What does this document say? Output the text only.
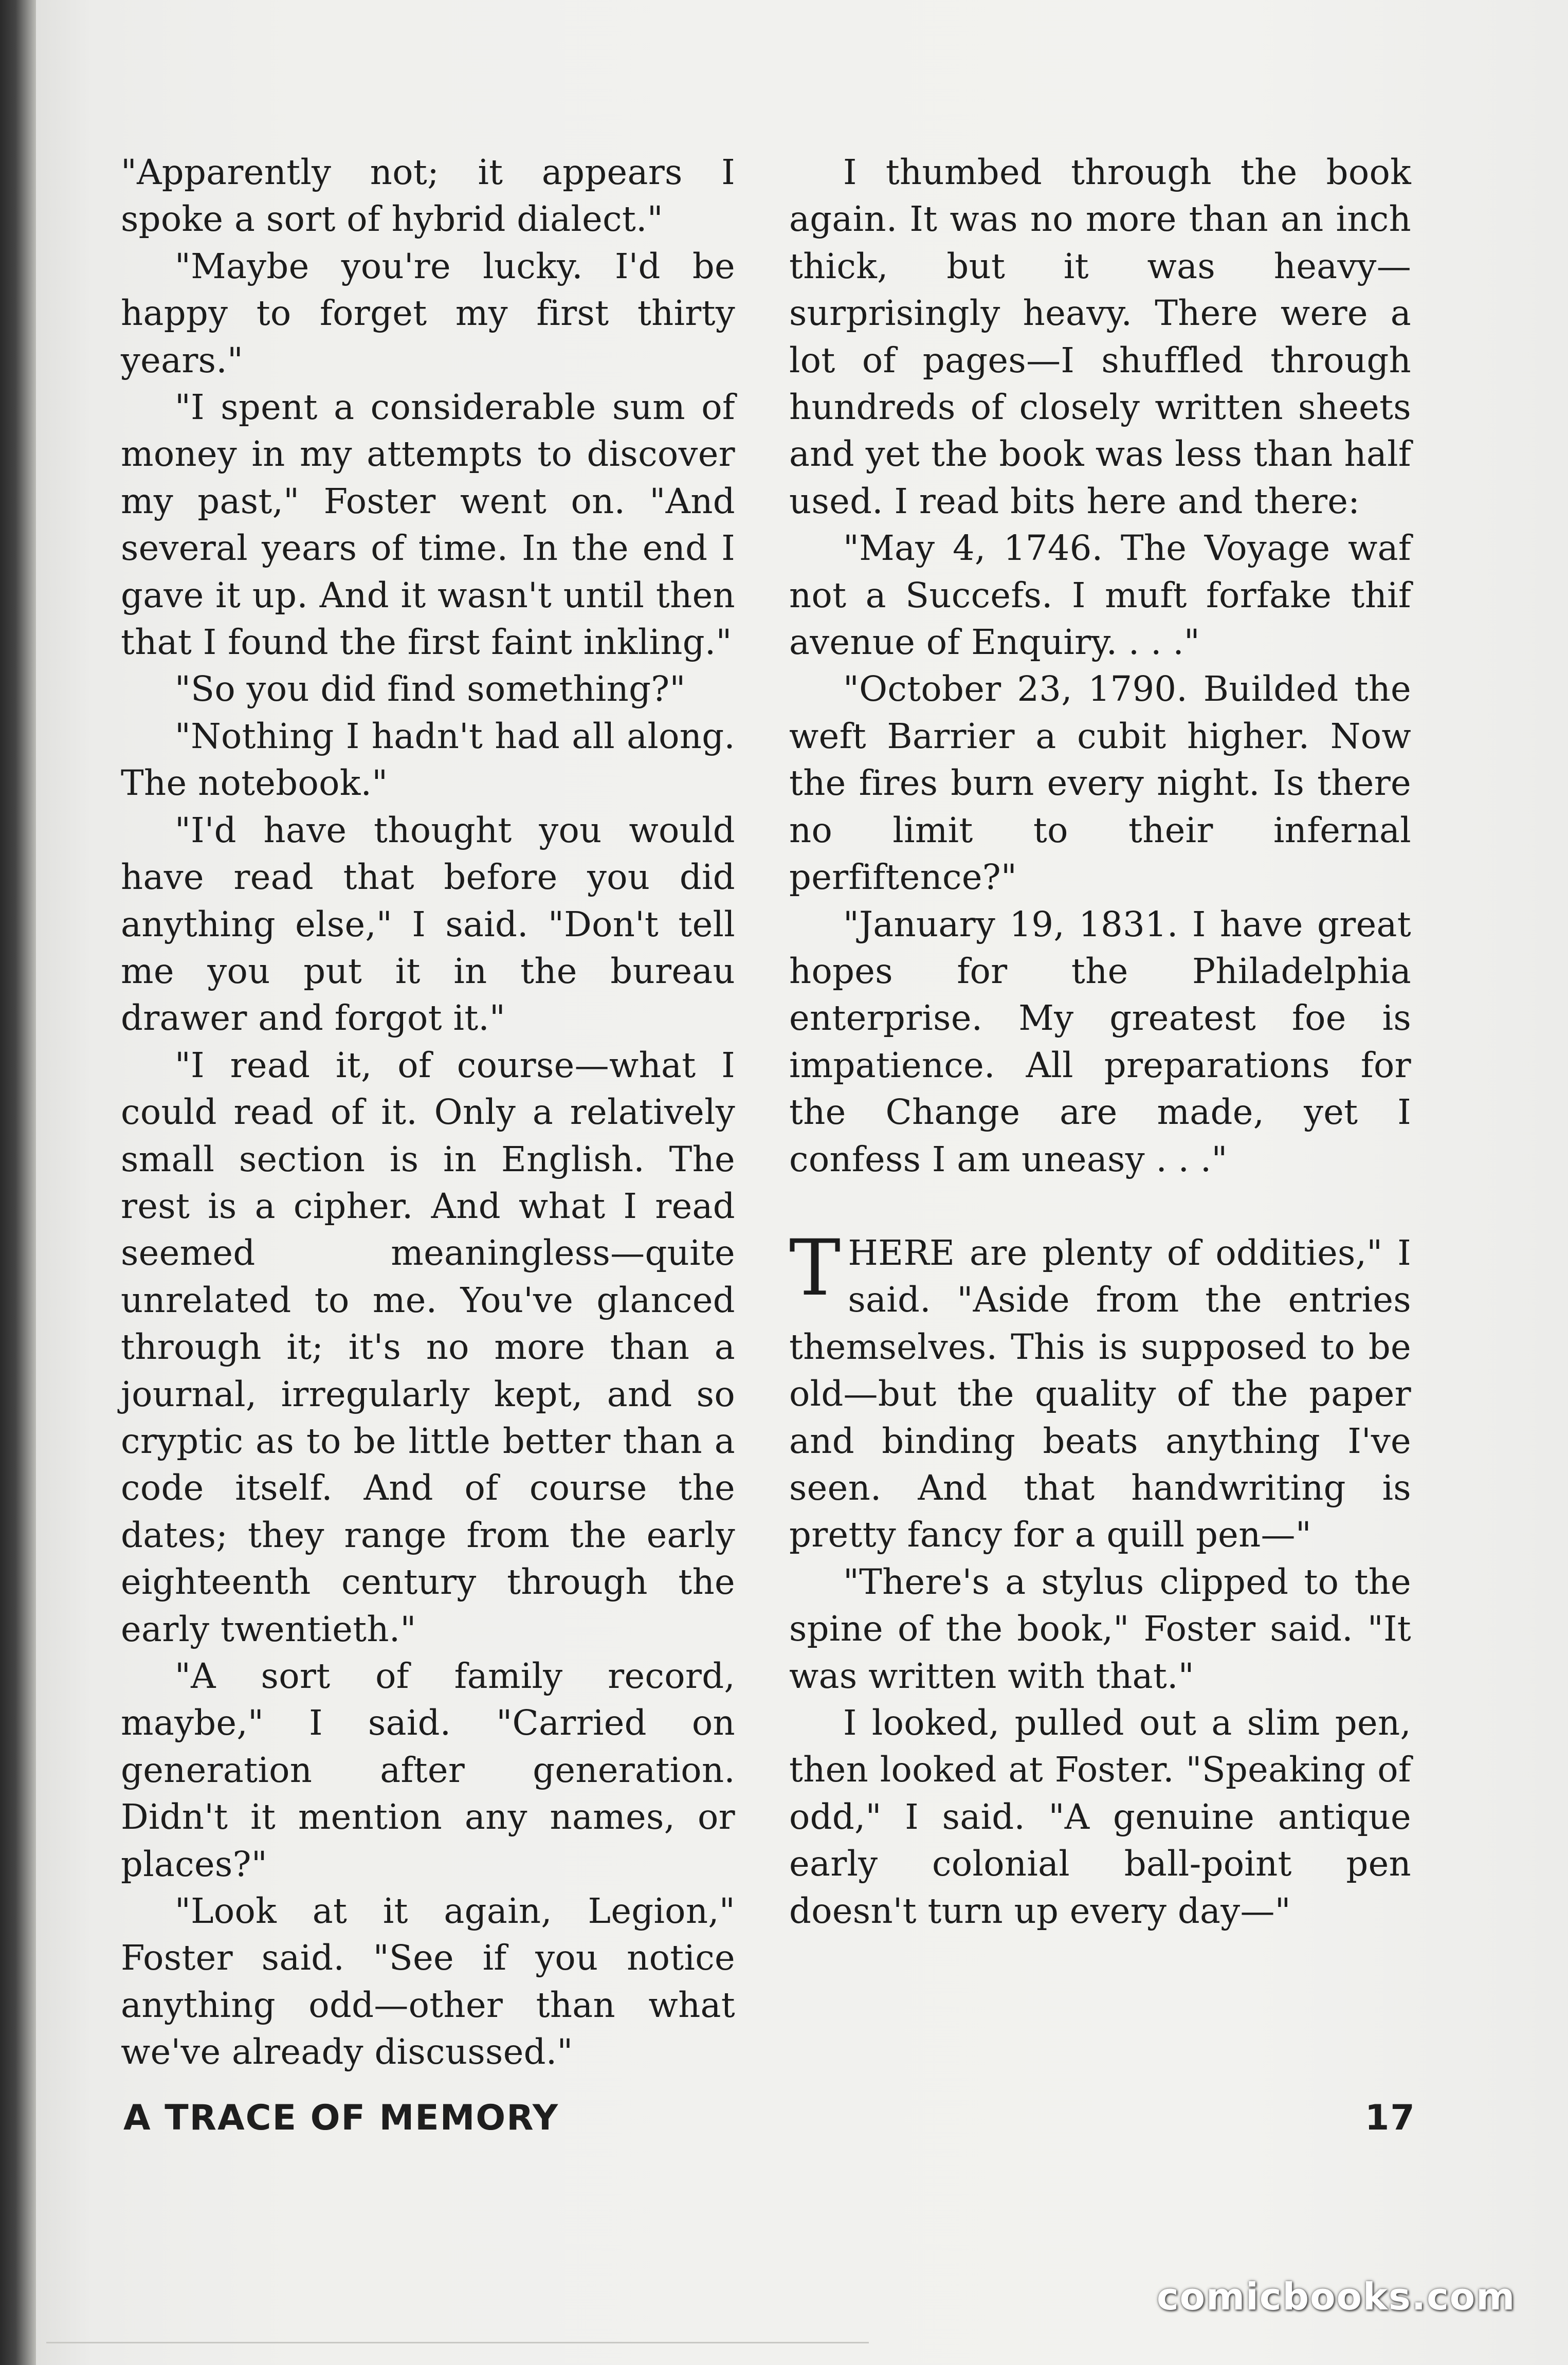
"Apparently not; it appears I spoke a sort of hybrid dialect."

"Maybe you're lucky. I'd be happy to forget my first thirty years."

"I spent a considerable sum of money in my attempts to discover my past," Foster went on. "And several years of time. In the end I gave it up. And it wasn't until then that I found the first faint inkling."

"So you did find something?"

"Nothing I hadn't had all along. The notebook."

"I'd have thought you would have read that before you did anything else," I said. "Don't tell me you put it in the bureau drawer and forgot it."

"I read it, of course—what I could read of it. Only a relatively small section is in English. The rest is a cipher. And what I read seemed meaningless—quite unrelated to me. You've glanced through it; it's no more than a journal, irregularly kept, and so cryptic as to be little better than a code itself. And of course the dates; they range from the early eighteenth century through the early twentieth."

"A sort of family record, maybe," I said. "Carried on generation after generation. Didn't it mention any names, or places?"

"Look at it again, Legion," Foster said. "See if you notice anything odd—other than what we've already discussed."

I thumbed through the book again. It was no more than an inch thick, but it was heavy—surprisingly heavy. There were a lot of pages—I shuffled through hundreds of closely written sheets and yet the book was less than half used. I read bits here and there:

"May 4, 1746. The Voyage waf not a Succefs. I muft forfake thif avenue of Enquiry. . . ."

"October 23, 1790. Builded the weft Barrier a cubit higher. Now the fires burn every night. Is there no limit to their infernal perfiftence?"

"January 19, 1831. I have great hopes for the Philadelphia enterprise. My greatest foe is impatience. All preparations for the Change are made, yet I confess I am uneasy . . ."

THERE are plenty of oddities," I said. "Aside from the entries themselves. This is supposed to be old—but the quality of the paper and binding beats anything I've seen. And that handwriting is pretty fancy for a quill pen—"

"There's a stylus clipped to the spine of the book," Foster said. "It was written with that."

I looked, pulled out a slim pen, then looked at Foster. "Speaking of odd," I said. "A genuine antique early colonial ball-point pen doesn't turn up every day—"

A TRACE OF MEMORY	17
comicbooks.com
